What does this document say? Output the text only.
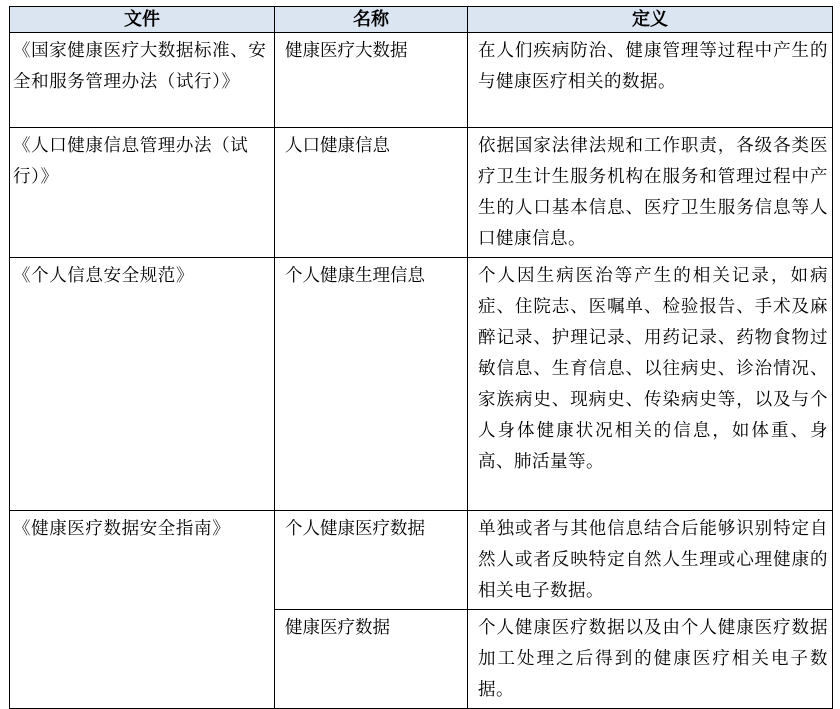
文件	名称	定义
《国家健康医疗大数据标准、安全和服务管理办法（试行）》	健康医疗大数据	在人们疾病防治、健康管理等过程中产生的与健康医疗相关的数据。
《人口健康信息管理办法（试行）》	人口健康信息	依据国家法律法规和工作职责，各级各类医疗卫生计生服务机构在服务和管理过程中产生的人口基本信息、医疗卫生服务信息等人口健康信息。
《个人信息安全规范》	个人健康生理信息	个人因生病医治等产生的相关记录，如病症、住院志、医嘱单、检验报告、手术及麻醉记录、护理记录、用药记录、药物食物过敏信息、生育信息、以往病史、诊治情况、家族病史、现病史、传染病史等，以及与个人身体健康状况相关的信息，如体重、身高、肺活量等。
《健康医疗数据安全指南》	个人健康医疗数据	单独或者与其他信息结合后能够识别特定自然人或者反映特定自然人生理或心理健康的相关电子数据。
	健康医疗数据	个人健康医疗数据以及由个人健康医疗数据加工处理之后得到的健康医疗相关电子数据。
